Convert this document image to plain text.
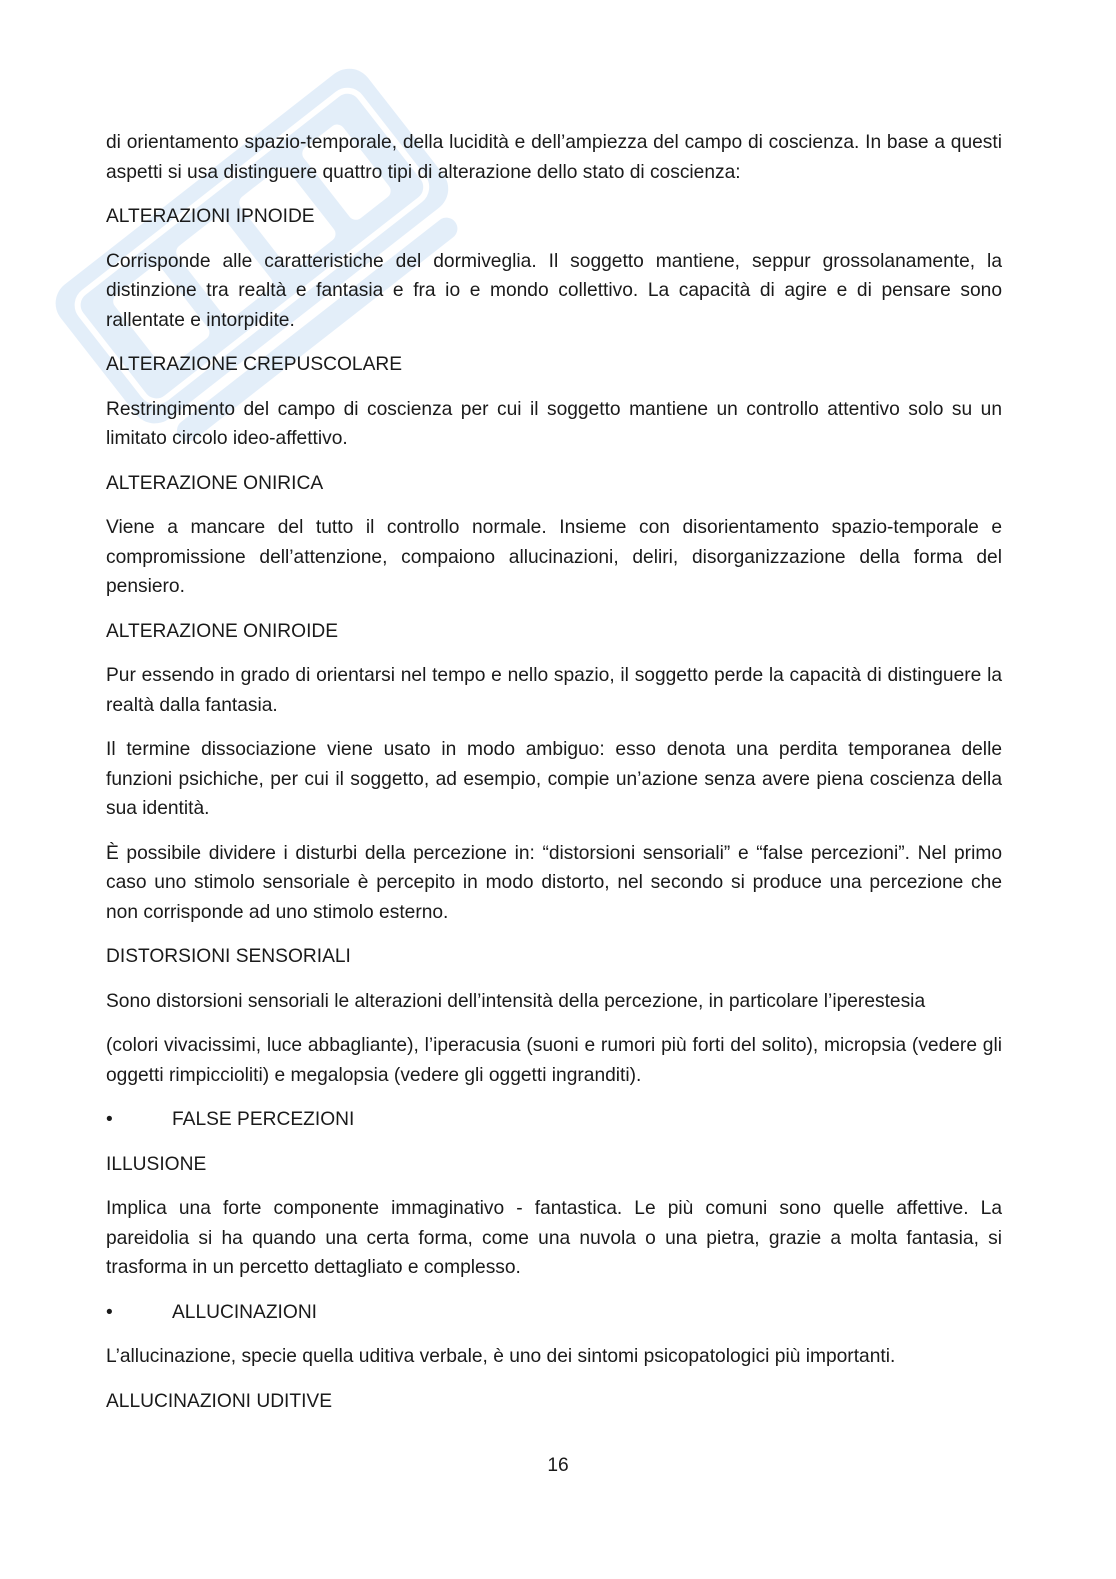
di orientamento spazio-temporale, della lucidità e dell’ampiezza del campo di coscienza. In base a questi aspetti si usa distinguere quattro tipi di alterazione dello stato di coscienza:

ALTERAZIONI IPNOIDE

Corrisponde alle caratteristiche del dormiveglia. Il soggetto mantiene, seppur grossolanamente, la distinzione tra realtà e fantasia e fra io e mondo collettivo. La capacità di agire e di pensare sono rallentate e intorpidite.

ALTERAZIONE CREPUSCOLARE

Restringimento del campo di coscienza per cui il soggetto mantiene un controllo attentivo solo su un limitato circolo ideo-affettivo.

ALTERAZIONE ONIRICA

Viene a mancare del tutto il controllo normale. Insieme con disorientamento spazio-temporale e compromissione dell’attenzione, compaiono allucinazioni, deliri, disorganizzazione della forma del pensiero.

ALTERAZIONE ONIROIDE

Pur essendo in grado di orientarsi nel tempo e nello spazio, il soggetto perde la capacità di distinguere la realtà dalla fantasia.

Il termine dissociazione viene usato in modo ambiguo: esso denota una perdita temporanea delle funzioni psichiche, per cui il soggetto, ad esempio, compie un’azione senza avere piena coscienza della sua identità.

È possibile dividere i disturbi della percezione in: “distorsioni sensoriali” e “false percezioni”. Nel primo caso uno stimolo sensoriale è percepito in modo distorto, nel secondo si produce una percezione che non corrisponde ad uno stimolo esterno.

DISTORSIONI SENSORIALI

Sono distorsioni sensoriali le alterazioni dell’intensità della percezione, in particolare l’iperestesia

(colori vivacissimi, luce abbagliante), l’iperacusia (suoni e rumori più forti del solito), micropsia (vedere gli oggetti rimpiccioliti) e megalopsia (vedere gli oggetti ingranditi).

•	FALSE PERCEZIONI

ILLUSIONE

Implica una forte componente immaginativo - fantastica. Le più comuni sono quelle affettive. La pareidolia si ha quando una certa forma, come una nuvola o una pietra, grazie a molta fantasia, si trasforma in un percetto dettagliato e complesso.

•	ALLUCINAZIONI

L’allucinazione, specie quella uditiva verbale, è uno dei sintomi psicopatologici più importanti.

ALLUCINAZIONI UDITIVE

16
